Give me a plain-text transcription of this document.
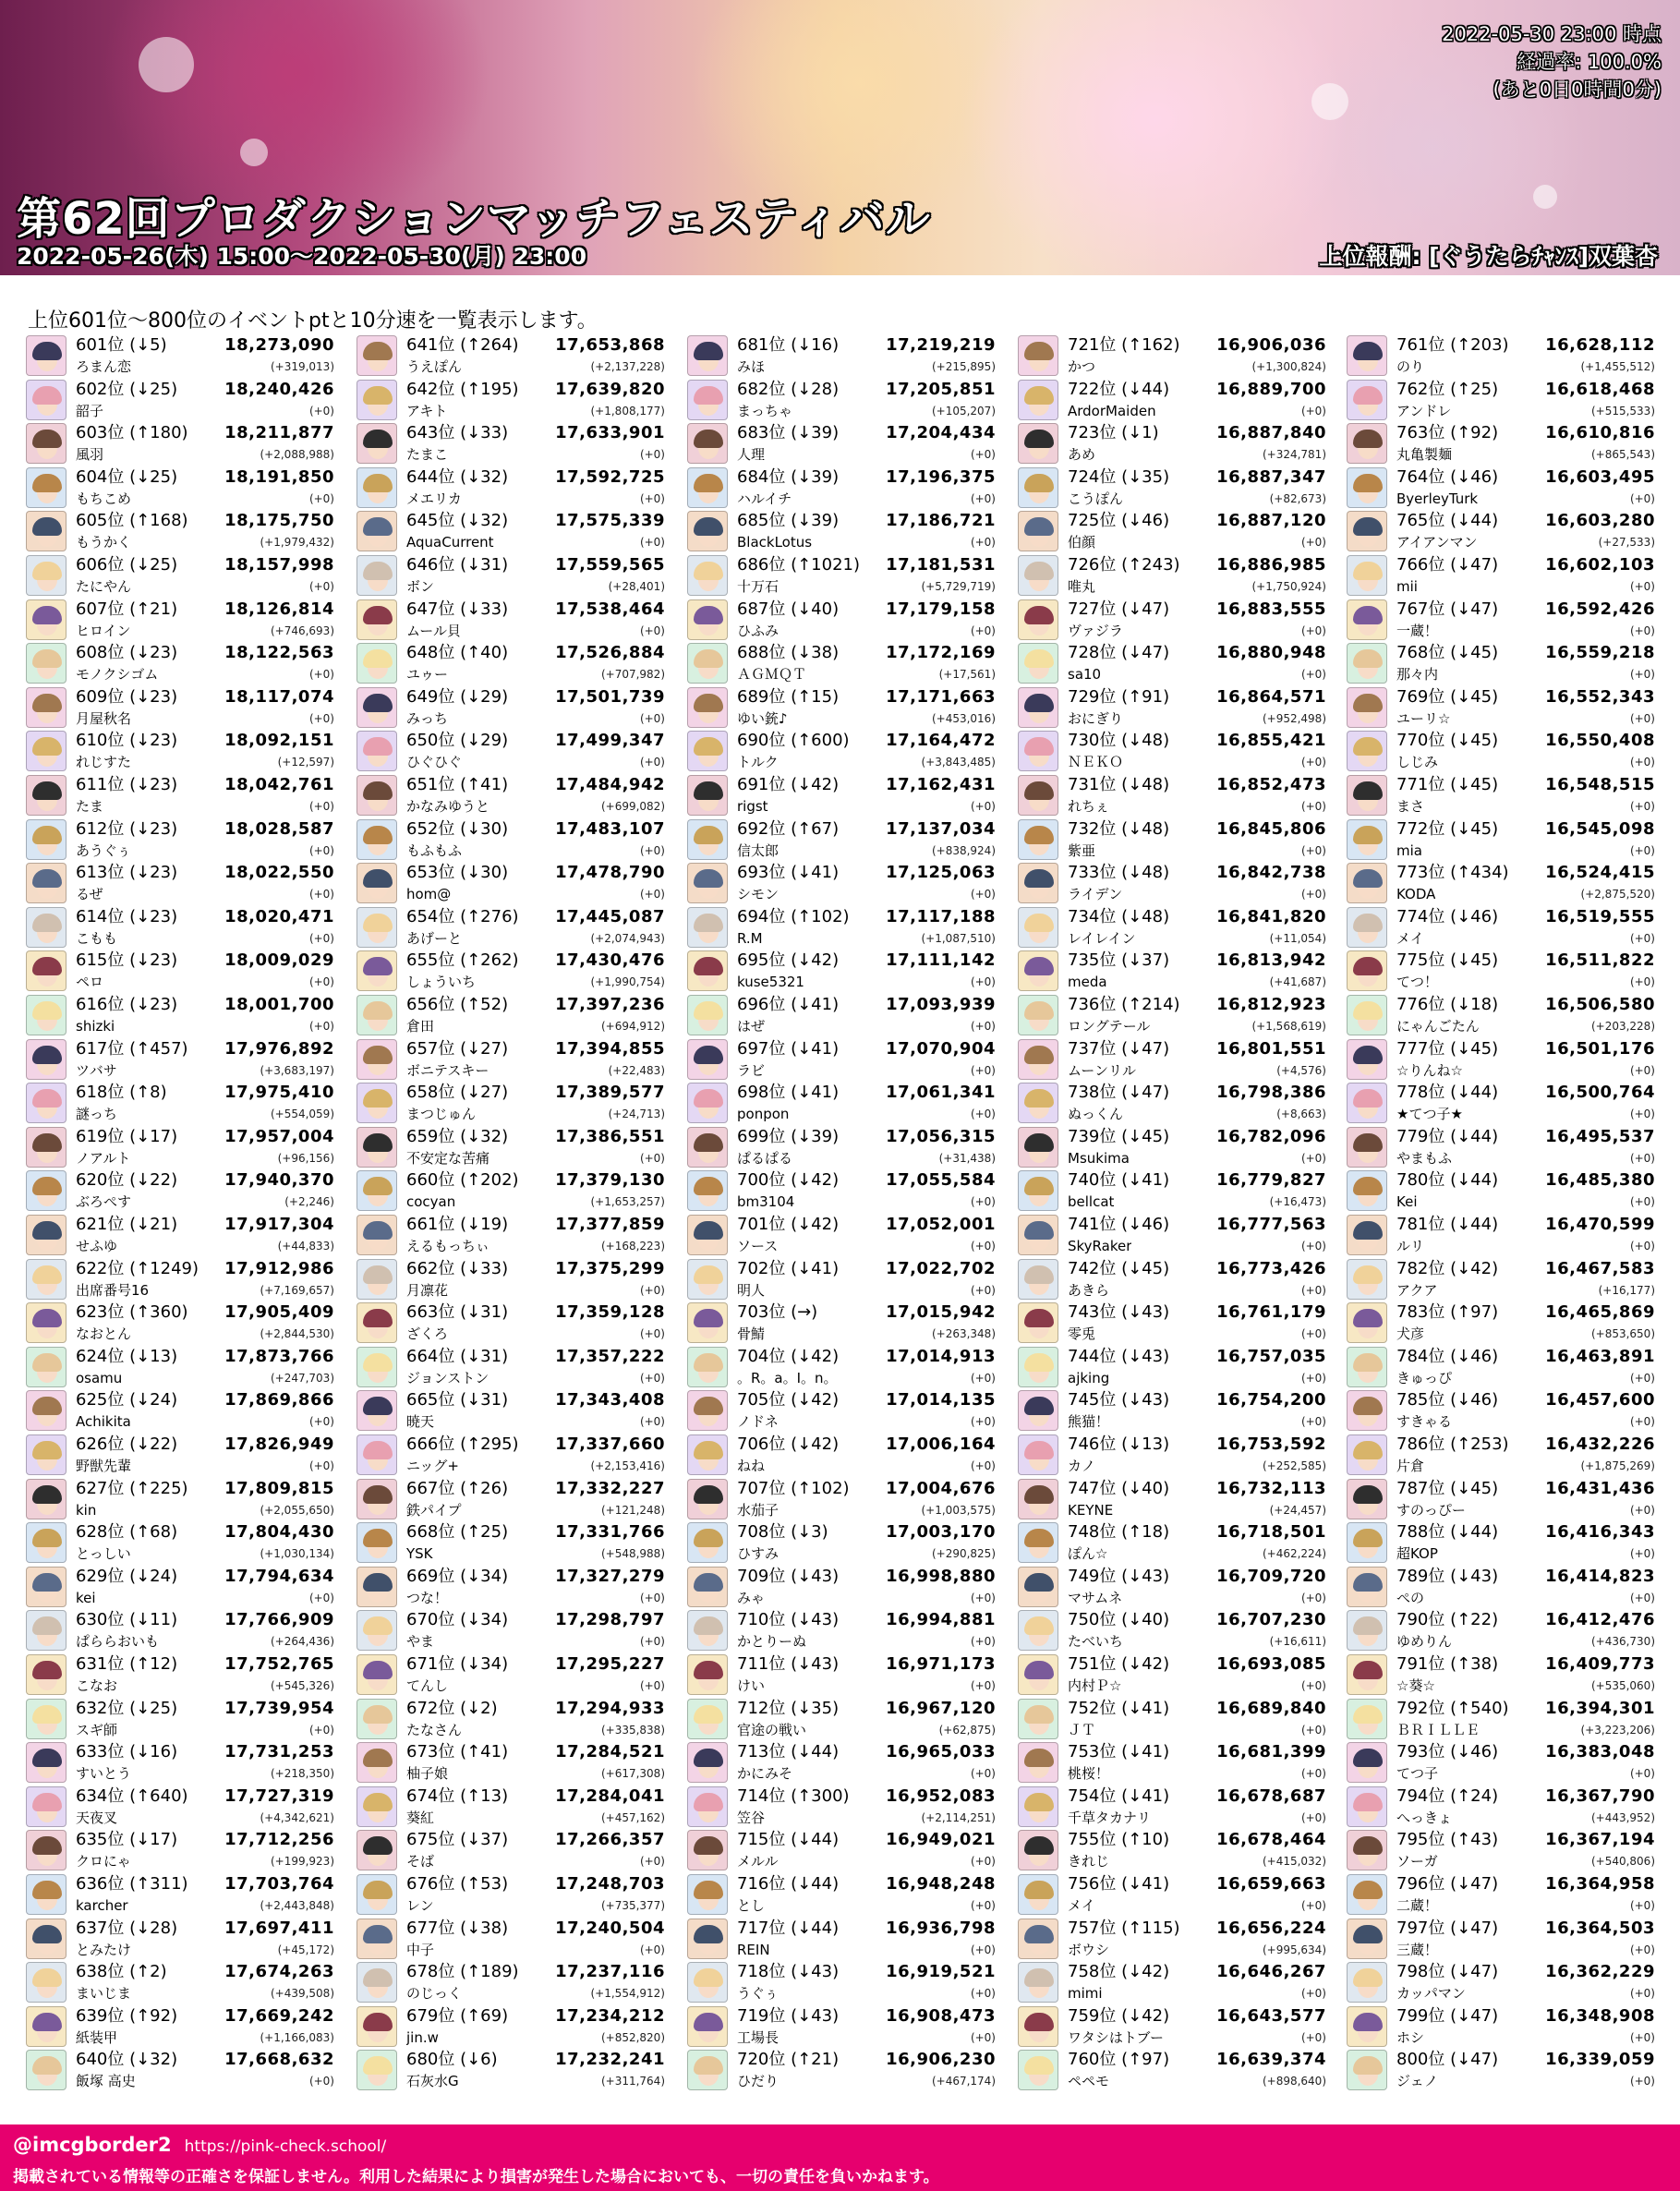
2022-05-30 23:00 時点
経過率: 100.0%
(あと0日0時間0分)
第62回プロダクションマッチフェスティバル
2022-05-26(木) 15:00〜2022-05-30(月) 23:00	上位報酬: [ぐうたらﾁｬﾝｽ]双葉杏
上位601位〜800位のイベントptと10分速を一覧表示します。
601位 (↓5)	18,273,090
ろまん恋	(+319,013)
602位 (↓25)	18,240,426
韶子	(+0)
603位 (↑180) 18,211,877
風羽	(+2,088,988)
604位 (↓25)	18,191,850
もちこめ	(+0)
605位 (↑168) 18,175,750
もうかく	(+1,979,432)
606位 (↓25)	18,157,998
たにやん	(+0)
607位 (↑21)	18,126,814
ヒロイン	(+746,693)
608位 (↓23)	18,122,563
モノクシゴム	(+0)
609位 (↓23)	18,117,074
月屋秋名	(+0)
610位 (↓23)	18,092,151
れじすた	(+12,597)
611位 (↓23)	18,042,761
たま	(+0)
612位 (↓23)	18,028,587
あうぐぅ	(+0)
613位 (↓23)	18,022,550
るぜ	(+0)
614位 (↓23)	18,020,471
こもも	(+0)
615位 (↓23)	18,009,029
ペロ	(+0)
616位 (↓23)	18,001,700
shizki	(+0)
617位 (↑457) 17,976,892
ツバサ	(+3,683,197)
618位 (↑8)	17,975,410
謎っち	(+554,059)
619位 (↓17)	17,957,004
ノアルト	(+96,156)
620位 (↓22)	17,940,370
ぶろぺす	(+2,246)
621位 (↓21)	17,917,304
せふゆ	(+44,833)
622位 (↑1249) 17,912,986
出席番号16	(+7,169,657)
623位 (↑360) 17,905,409
なおとん	(+2,844,530)
624位 (↓13)	17,873,766
osamu	(+247,703)
625位 (↓24)	17,869,866
Achikita	(+0)
626位 (↓22)	17,826,949
野獣先輩	(+0)
627位 (↑225) 17,809,815
kin	(+2,055,650)
628位 (↑68)	17,804,430
とっしい	(+1,030,134)
629位 (↓24)	17,794,634
kei	(+0)
630位 (↓11)	17,766,909
ぱららおいも	(+264,436)
631位 (↑12)	17,752,765
こなお	(+545,326)
632位 (↓25)	17,739,954
スギ師	(+0)
633位 (↓16)	17,731,253
すいとう	(+218,350)
634位 (↑640) 17,727,319
天夜叉	(+4,342,621)
635位 (↓17)	17,712,256
クロにゃ	(+199,923)
636位 (↑311) 17,703,764
karcher	(+2,443,848)
637位 (↓28)	17,697,411
とみたけ	(+45,172)
638位 (↑2)	17,674,263
まいじま	(+439,508)
639位 (↑92)	17,669,242
紙装甲	(+1,166,083)
640位 (↓32)	17,668,632
飯塚 高史	(+0)
641位 (↑264) 17,653,868
うえぽん	(+2,137,228)
642位 (↑195) 17,639,820
アキト	(+1,808,177)
643位 (↓33)	17,633,901
たまこ	(+0)
644位 (↓32)	17,592,725
メエリカ	(+0)
645位 (↓32)	17,575,339
AquaCurrent	(+0)
646位 (↓31)	17,559,565
ボン	(+28,401)
647位 (↓33)	17,538,464
ムール貝	(+0)
648位 (↑40)	17,526,884
ユゥー	(+707,982)
649位 (↓29)	17,501,739
みっち	(+0)
650位 (↓29)	17,499,347
ひぐひぐ	(+0)
651位 (↑41)	17,484,942
かなみゆうと	(+699,082)
652位 (↓30)	17,483,107
もふもふ	(+0)
653位 (↓30)	17,478,790
hom@	(+0)
654位 (↑276) 17,445,087
あげーと	(+2,074,943)
655位 (↑262) 17,430,476
しょういち	(+1,990,754)
656位 (↑52)	17,397,236
倉田	(+694,912)
657位 (↓27)	17,394,855
ボニテスキー	(+22,483)
658位 (↓27)	17,389,577
まつじゅん	(+24,713)
659位 (↓32)	17,386,551
不安定な苦痛	(+0)
660位 (↑202) 17,379,130
cocyan	(+1,653,257)
661位 (↓19)	17,377,859
えるもっちぃ	(+168,223)
662位 (↓33)	17,375,299
月凛花	(+0)
663位 (↓31)	17,359,128
ざくろ	(+0)
664位 (↓31)	17,357,222
ジョンストン	(+0)
665位 (↓31)	17,343,408
暁天	(+0)
666位 (↑295) 17,337,660
ニッグ+	(+2,153,416)
667位 (↑26)	17,332,227
鉄パイプ	(+121,248)
668位 (↑25)	17,331,766
YSK	(+548,988)
669位 (↓34)	17,327,279
つな！	(+0)
670位 (↓34)	17,298,797
やま	(+0)
671位 (↓34)	17,295,227
てんし	(+0)
672位 (↓2)	17,294,933
たなさん	(+335,838)
673位 (↑41)	17,284,521
柚子娘	(+617,308)
674位 (↑13)	17,284,041
葵紅	(+457,162)
675位 (↓37)	17,266,357
そば	(+0)
676位 (↑53)	17,248,703
レン	(+735,377)
677位 (↓38)	17,240,504
中子	(+0)
678位 (↑189) 17,237,116
のじっく	(+1,554,912)
679位 (↑69)	17,234,212
jin.w	(+852,820)
680位 (↓6)	17,232,241
石灰水G	(+311,764)
681位 (↓16)	17,219,219
みほ	(+215,895)
682位 (↓28)	17,205,851
まっちゃ	(+105,207)
683位 (↓39)	17,204,434
人理	(+0)
684位 (↓39)	17,196,375
ハルイチ	(+0)
685位 (↓39)	17,186,721
BlackLotus	(+0)
686位 (↑1021) 17,181,531
十万石	(+5,729,719)
687位 (↓40)	17,179,158
ひふみ	(+0)
688位 (↓38)	17,172,169
ＡＧＭＱＴ	(+17,561)
689位 (↑15)	17,171,663
ゆい銃♪	(+453,016)
690位 (↑600) 17,164,472
トルク	(+3,843,485)
691位 (↓42)	17,162,431
rigst	(+0)
692位 (↑67)	17,137,034
信太郎	(+838,924)
693位 (↓41)	17,125,063
シモン	(+0)
694位 (↑102) 17,117,188
R.M	(+1,087,510)
695位 (↓42)	17,111,142
kuse5321	(+0)
696位 (↓41)	17,093,939
はぜ	(+0)
697位 (↓41)	17,070,904
ラビ	(+0)
698位 (↓41)	17,061,341
ponpon	(+0)
699位 (↓39)	17,056,315
ぱるぱる	(+31,438)
700位 (↓42)	17,055,584
bm3104	(+0)
701位 (↓42)	17,052,001
ソース	(+0)
702位 (↓41)	17,022,702
明人	(+0)
703位 (→)	17,015,942
骨鯖	(+263,348)
704位 (↓42)	17,014,913
。R。a。I。n。	(+0)
705位 (↓42)	17,014,135
ノドネ	(+0)
706位 (↓42)	17,006,164
ねね	(+0)
707位 (↑102) 17,004,676
水茄子	(+1,003,575)
708位 (↓3)	17,003,170
ひすみ	(+290,825)
709位 (↓43)	16,998,880
みゃ	(+0)
710位 (↓43)	16,994,881
かとりーぬ	(+0)
711位 (↓43)	16,971,173
けい	(+0)
712位 (↓35)	16,967,120
官途の戦い	(+62,875)
713位 (↓44)	16,965,033
かにみそ	(+0)
714位 (↑300) 16,952,083
笠谷	(+2,114,251)
715位 (↓44)	16,949,021
メルル	(+0)
716位 (↓44)	16,948,248
とし	(+0)
717位 (↓44)	16,936,798
REIN	(+0)
718位 (↓43)	16,919,521
うぐぅ	(+0)
719位 (↓43)	16,908,473
工場長	(+0)
720位 (↑21)	16,906,230
ひだり	(+467,174)
721位 (↑162) 16,906,036
かつ	(+1,300,824)
722位 (↓44)	16,889,700
ArdorMaiden	(+0)
723位 (↓1)	16,887,840
あめ	(+324,781)
724位 (↓35)	16,887,347
こうぽん	(+82,673)
725位 (↓46)	16,887,120
伯顔	(+0)
726位 (↑243) 16,886,985
唯丸	(+1,750,924)
727位 (↓47)	16,883,555
ヴァジラ	(+0)
728位 (↓47)	16,880,948
sa10	(+0)
729位 (↑91)	16,864,571
おにぎり	(+952,498)
730位 (↓48)	16,855,421
ＮＥＫＯ	(+0)
731位 (↓48)	16,852,473
れちぇ	(+0)
732位 (↓48)	16,845,806
紫亜	(+0)
733位 (↓48)	16,842,738
ライデン	(+0)
734位 (↓48)	16,841,820
レイレイン	(+11,054)
735位 (↓37)	16,813,942
meda	(+41,687)
736位 (↑214) 16,812,923
ロングテール	(+1,568,619)
737位 (↓47)	16,801,551
ムーンリル	(+4,576)
738位 (↓47)	16,798,386
ぬっくん	(+8,663)
739位 (↓45)	16,782,096
Msukima	(+0)
740位 (↓41)	16,779,827
bellcat	(+16,473)
741位 (↓46)	16,777,563
SkyRaker	(+0)
742位 (↓45)	16,773,426
あきら	(+0)
743位 (↓43)	16,761,179
零兎	(+0)
744位 (↓43)	16,757,035
ajking	(+0)
745位 (↓43)	16,754,200
熊猫！	(+0)
746位 (↓13)	16,753,592
カノ	(+252,585)
747位 (↓40)	16,732,113
KEYNE	(+24,457)
748位 (↑18)	16,718,501
ぽん☆	(+462,224)
749位 (↓43)	16,709,720
マサムネ	(+0)
750位 (↓40)	16,707,230
たべいち	(+16,611)
751位 (↓42)	16,693,085
内村Ｐ☆	(+0)
752位 (↓41)	16,689,840
ＪＴ	(+0)
753位 (↓41)	16,681,399
桃桜！	(+0)
754位 (↓41)	16,678,687
千草タカナリ	(+0)
755位 (↑10)	16,678,464
きれじ	(+415,032)
756位 (↓41)	16,659,663
メイ	(+0)
757位 (↑115) 16,656,224
ボウシ	(+995,634)
758位 (↓42)	16,646,267
mimi	(+0)
759位 (↓42)	16,643,577
ワタシはトブー	(+0)
760位 (↑97)	16,639,374
ペペモ	(+898,640)
761位 (↑203) 16,628,112
のり	(+1,455,512)
762位 (↑25)	16,618,468
アンドレ	(+515,533)
763位 (↑92)	16,610,816
丸亀製麺	(+865,543)
764位 (↓46)	16,603,495
ByerleyTurk	(+0)
765位 (↓44)	16,603,280
アイアンマン	(+27,533)
766位 (↓47)	16,602,103
mii	(+0)
767位 (↓47)	16,592,426
一蔵！	(+0)
768位 (↓45)	16,559,218
那々内	(+0)
769位 (↓45)	16,552,343
ユーリ☆	(+0)
770位 (↓45)	16,550,408
しじみ	(+0)
771位 (↓45)	16,548,515
まさ	(+0)
772位 (↓45)	16,545,098
mia	(+0)
773位 (↑434) 16,524,415
KODA	(+2,875,520)
774位 (↓46)	16,519,555
メイ	(+0)
775位 (↓45)	16,511,822
てつ！	(+0)
776位 (↓18)	16,506,580
にゃんごたん	(+203,228)
777位 (↓45)	16,501,176
☆りんね☆	(+0)
778位 (↓44)	16,500,764
★てつ子★	(+0)
779位 (↓44)	16,495,537
やまもふ	(+0)
780位 (↓44)	16,485,380
Kei	(+0)
781位 (↓44)	16,470,599
ルリ	(+0)
782位 (↓42)	16,467,583
アクア	(+16,177)
783位 (↑97)	16,465,869
犬彦	(+853,650)
784位 (↓46)	16,463,891
きゅっぴ	(+0)
785位 (↓46)	16,457,600
すきゃる	(+0)
786位 (↑253) 16,432,226
片倉	(+1,875,269)
787位 (↓45)	16,431,436
すのっぴー	(+0)
788位 (↓44)	16,416,343
超KOP	(+0)
789位 (↓43)	16,414,823
ぺの	(+0)
790位 (↑22)	16,412,476
ゆめりん	(+436,730)
791位 (↑38)	16,409,773
☆葵☆	(+535,060)
792位 (↑540) 16,394,301
ＢＲＩＬＬＥ	(+3,223,206)
793位 (↓46)	16,383,048
てつ子	(+0)
794位 (↑24)	16,367,790
へっきょ	(+443,952)
795位 (↑43)	16,367,194
ソーガ	(+540,806)
796位 (↓47)	16,364,958
二蔵！	(+0)
797位 (↓47)	16,364,503
三蔵！	(+0)
798位 (↓47)	16,362,229
カッパマン	(+0)
799位 (↓47)	16,348,908
ホシ	(+0)
800位 (↓47)	16,339,059
ジェノ	(+0)
@imcgborder2 https://pink-check.school/
掲載されている情報等の正確さを保証しません。利用した結果により損害が発生した場合においても、一切の責任を負いかねます。
